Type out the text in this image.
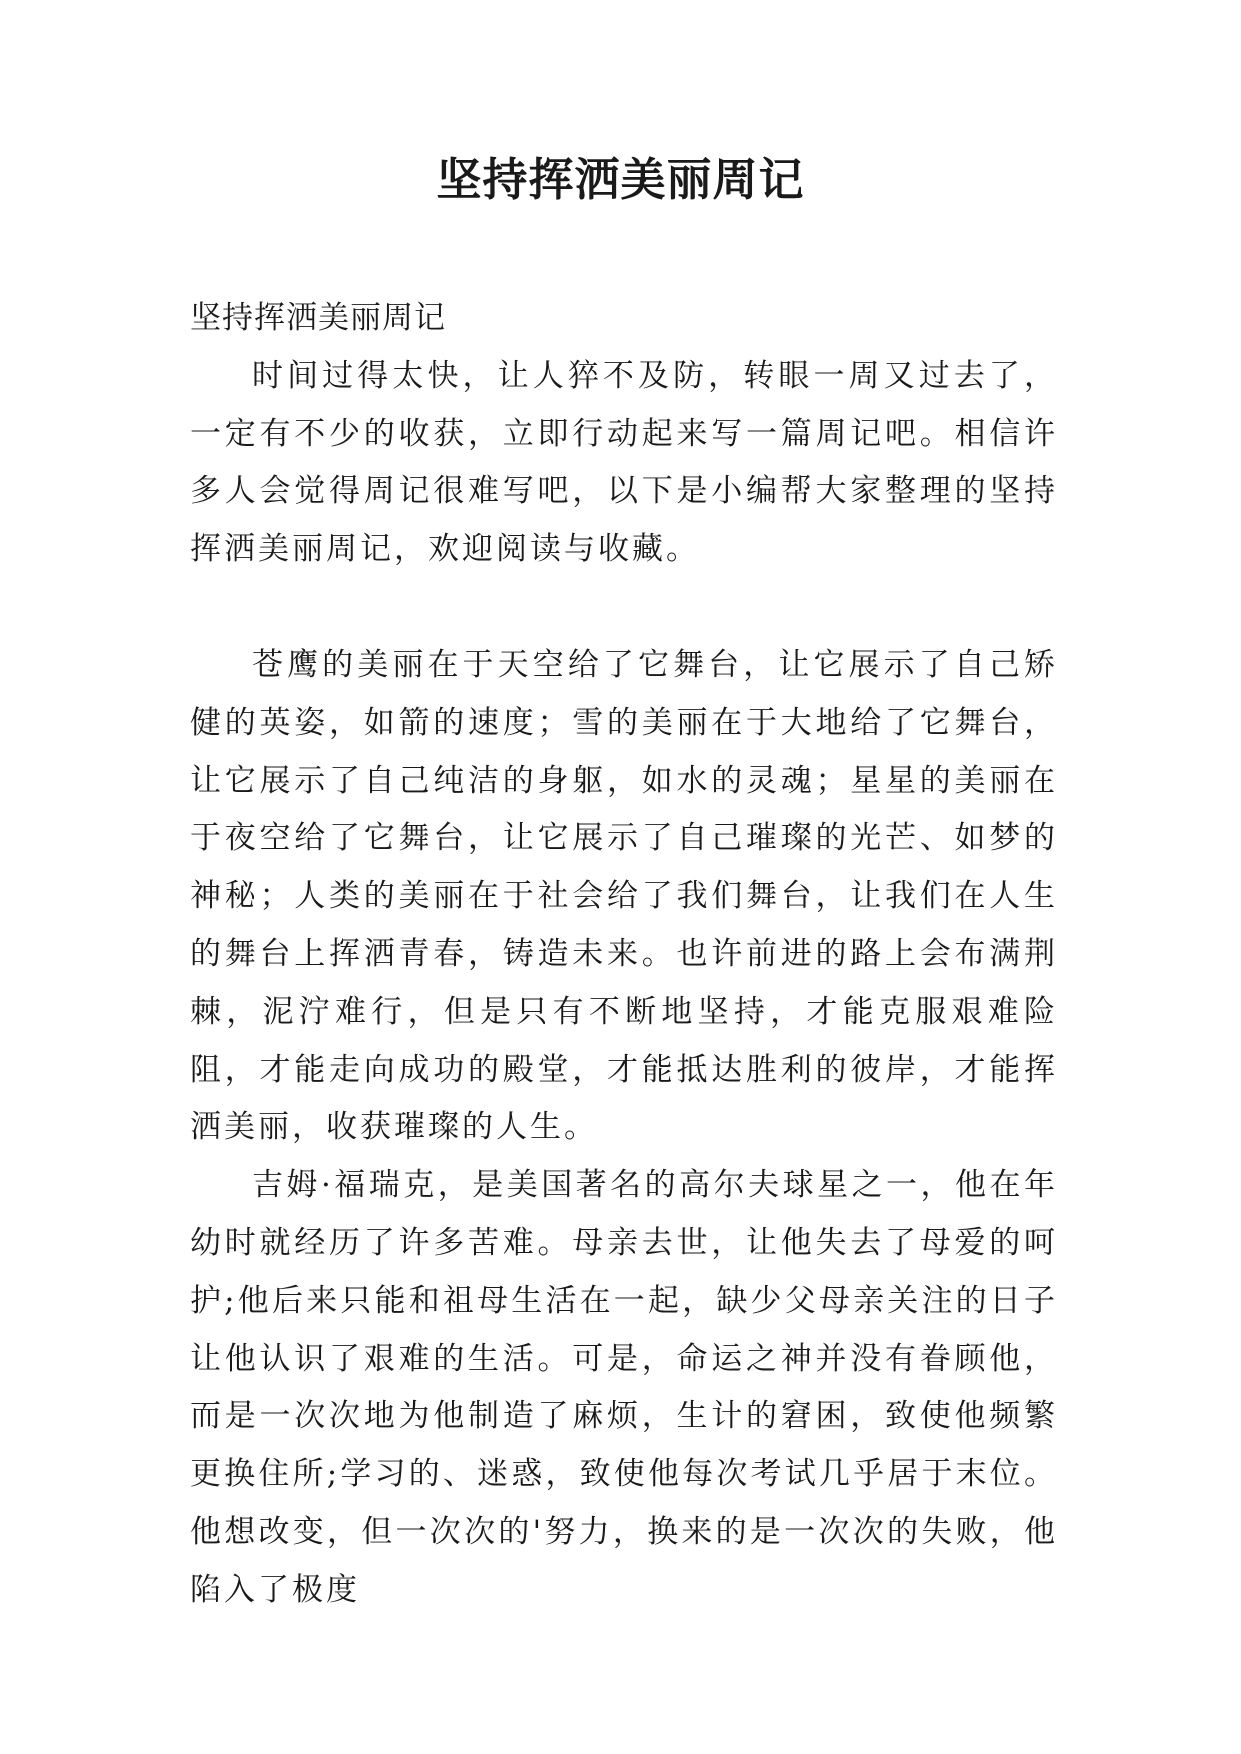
坚持挥洒美丽周记

坚持挥洒美丽周记

时间过得太快，让人猝不及防，转眼一周又过去了，一定有不少的收获，立即行动起来写一篇周记吧。相信许多人会觉得周记很难写吧，以下是小编帮大家整理的坚持挥洒美丽周记，欢迎阅读与收藏。

苍鹰的美丽在于天空给了它舞台，让它展示了自己矫健的英姿，如箭的速度；雪的美丽在于大地给了它舞台，让它展示了自己纯洁的身躯，如水的灵魂；星星的美丽在于夜空给了它舞台，让它展示了自己璀璨的光芒、如梦的神秘；人类的美丽在于社会给了我们舞台，让我们在人生的舞台上挥洒青春，铸造未来。也许前进的路上会布满荆棘，泥泞难行，但是只有不断地坚持，才能克服艰难险阻，才能走向成功的殿堂，才能抵达胜利的彼岸，才能挥洒美丽，收获璀璨的人生。

吉姆·福瑞克，是美国著名的高尔夫球星之一，他在年幼时就经历了许多苦难。母亲去世，让他失去了母爱的呵护;他后来只能和祖母生活在一起，缺少父母亲关注的日子让他认识了艰难的生活。可是，命运之神并没有眷顾他，而是一次次地为他制造了麻烦，生计的窘困，致使他频繁更换住所;学习的、迷惑，致使他每次考试几乎居于末位。他想改变，但一次次的'努力，换来的是一次次的失败，他陷入了极度
